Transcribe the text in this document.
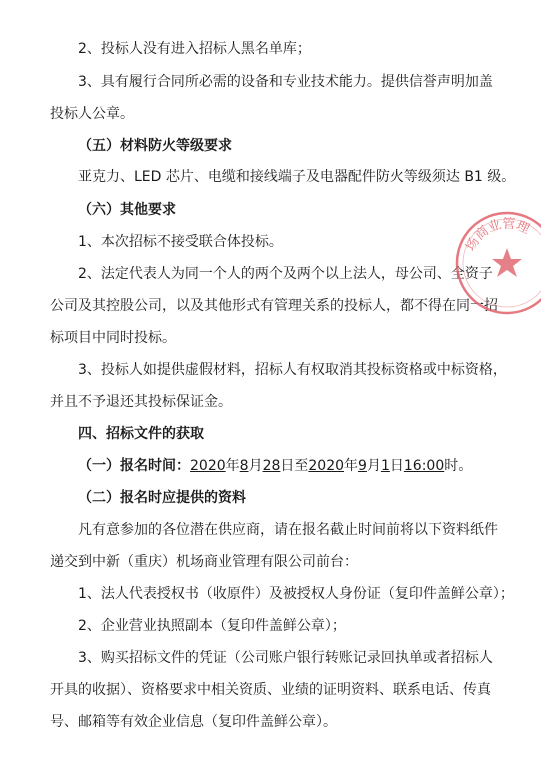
2、投标人没有进入招标人黑名单库；
3、具有履行合同所必需的设备和专业技术能力。提供信誉声明加盖
投标人公章。
（五）材料防火等级要求
亚克力、LED 芯片、电缆和接线端子及电器配件防火等级须达 B1 级。
（六）其他要求
1、本次招标不接受联合体投标。
2、法定代表人为同一个人的两个及两个以上法人，母公司、全资子
公司及其控股公司，以及其他形式有管理关系的投标人，都不得在同一招
标项目中同时投标。
3、投标人如提供虚假材料，招标人有权取消其投标资格或中标资格，
并且不予退还其投标保证金。
四、招标文件的获取
（一）报名时间：2020年8月28日至2020年9月1日16:00时。
（二）报名时应提供的资料
凡有意参加的各位潜在供应商，请在报名截止时间前将以下资料纸件
递交到中新（重庆）机场商业管理有限公司前台：
1、法人代表授权书（收原件）及被授权人身份证（复印件盖鲜公章）；
2、企业营业执照副本（复印件盖鲜公章）；
3、购买招标文件的凭证（公司账户银行转账记录回执单或者招标人
开具的收据）、资格要求中相关资质、业绩的证明资料、联系电话、传真
号、邮箱等有效企业信息（复印件盖鲜公章）。
场商业管理
